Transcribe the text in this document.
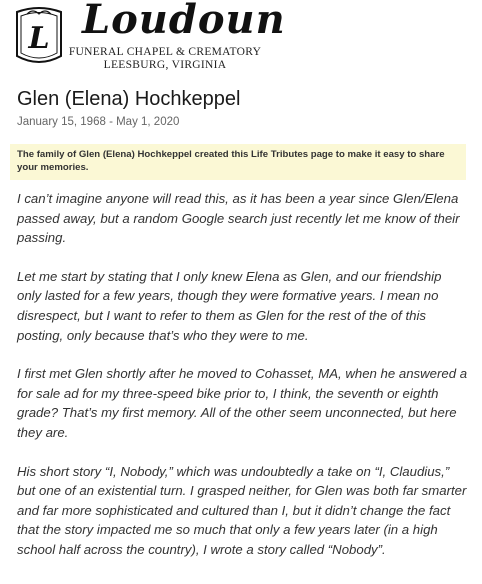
L Loudoun
FUNERAL CHAPEL & CREMATORY
LEESBURG, VIRGINIA
Glen (Elena) Hochkeppel
January 15, 1968 - May 1, 2020
The family of Glen (Elena) Hochkeppel created this Life Tributes page to make it easy to share your memories.

I can’t imagine anyone will read this, as it has been a year since Glen/Elena passed away, but a random Google search just recently let me know of their passing.

Let me start by stating that I only knew Elena as Glen, and our friendship only lasted for a few years, though they were formative years. I mean no disrespect, but I want to refer to them as Glen for the rest of the of this posting, only because that’s who they were to me.

I first met Glen shortly after he moved to Cohasset, MA, when he answered a for sale ad for my three-speed bike prior to, I think, the seventh or eighth grade? That’s my first memory. All of the other seem unconnected, but here they are.

His short story “I, Nobody,” which was undoubtedly a take on “I, Claudius,” but one of an existential turn. I grasped neither, for Glen was both far smarter and far more sophisticated and cultured than I, but it didn’t change the fact that the story impacted me so much that only a few years later (in a high school half across the country), I wrote a story called “Nobody”.
